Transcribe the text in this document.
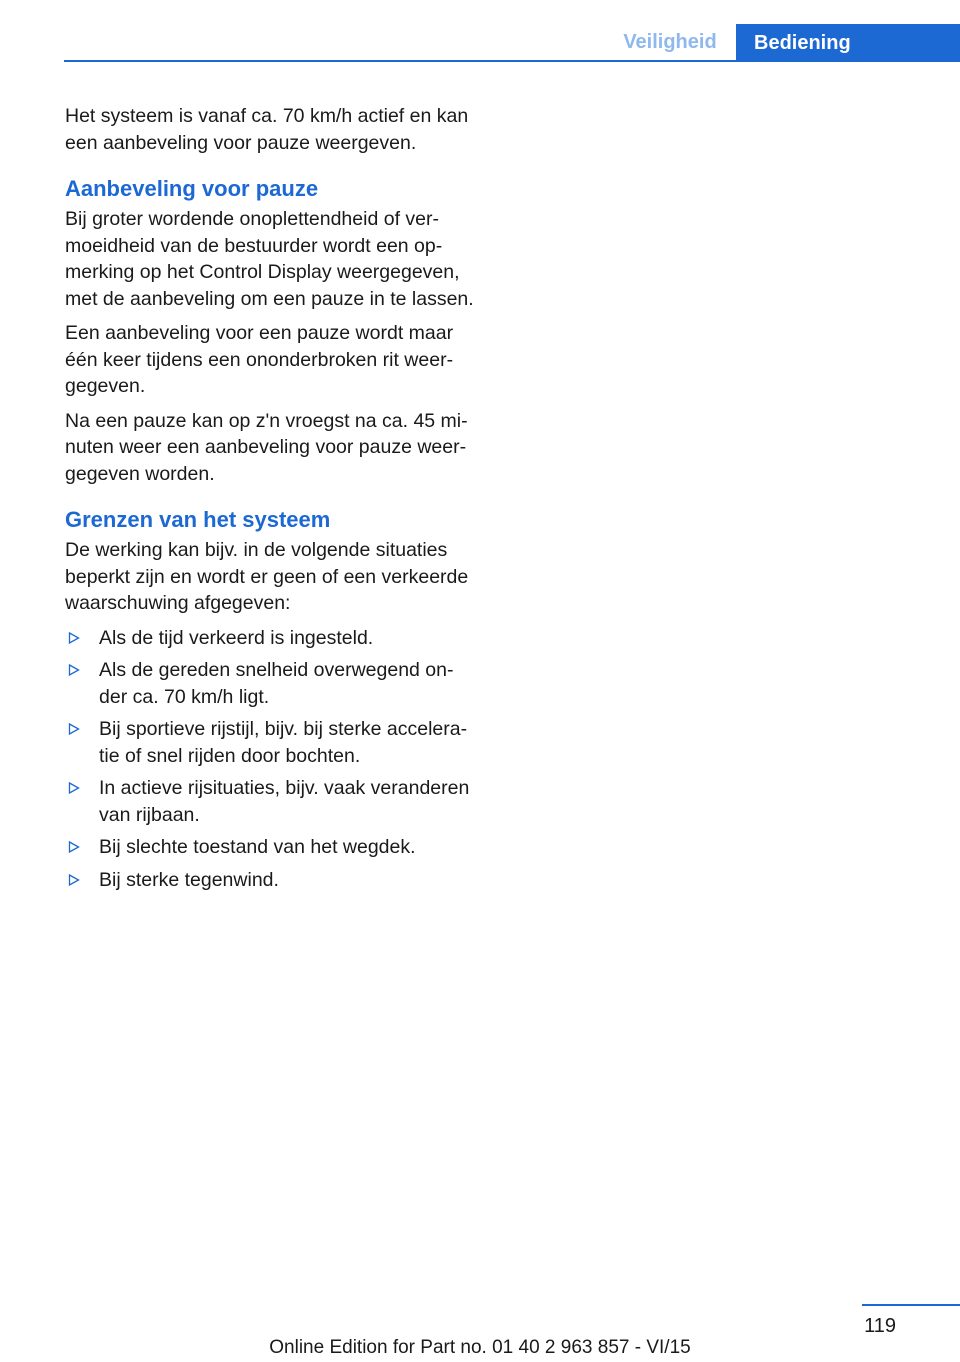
Veiligheid	Bediening

Het systeem is vanaf ca. 70 km/h actief en kan
een aanbeveling voor pauze weergeven.

Aanbeveling voor pauze

Bij groter wordende onoplettendheid of ver-
moeidheid van de bestuurder wordt een op-
merking op het Control Display weergegeven,
met de aanbeveling om een pauze in te lassen.

Een aanbeveling voor een pauze wordt maar
één keer tijdens een ononderbroken rit weer-
gegeven.

Na een pauze kan op z'n vroegst na ca. 45 mi-
nuten weer een aanbeveling voor pauze weer-
gegeven worden.

Grenzen van het systeem

De werking kan bijv. in de volgende situaties
beperkt zijn en wordt er geen of een verkeerde
waarschuwing afgegeven:

Als de tijd verkeerd is ingesteld.
Als de gereden snelheid overwegend on-
der ca. 70 km/h ligt.
Bij sportieve rijstijl, bijv. bij sterke accelera-
tie of snel rijden door bochten.
In actieve rijsituaties, bijv. vaak veranderen
van rijbaan.
Bij slechte toestand van het wegdek.
Bij sterke tegenwind.
119
Online Edition for Part no. 01 40 2 963 857 - VI/15
